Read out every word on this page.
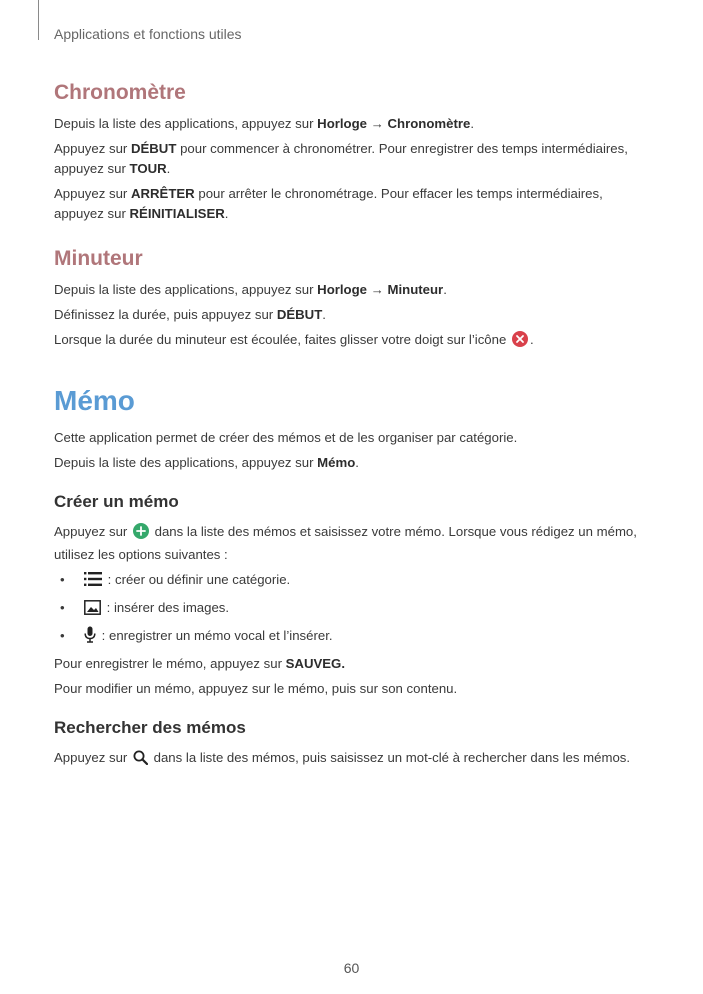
Applications et fonctions utiles
Chronomètre

Depuis la liste des applications, appuyez sur Horloge → Chronomètre.

Appuyez sur DÉBUT pour commencer à chronométrer. Pour enregistrer des temps intermédiaires, appuyez sur TOUR.

Appuyez sur ARRÊTER pour arrêter le chronométrage. Pour effacer les temps intermédiaires, appuyez sur RÉINITIALISER.

Minuteur

Depuis la liste des applications, appuyez sur Horloge → Minuteur.

Définissez la durée, puis appuyez sur DÉBUT.

Lorsque la durée du minuteur est écoulée, faites glisser votre doigt sur l’icône .

Mémo

Cette application permet de créer des mémos et de les organiser par catégorie.

Depuis la liste des applications, appuyez sur Mémo.

Créer un mémo

Appuyez sur  dans la liste des mémos et saisissez votre mémo. Lorsque vous rédigez un mémo, utilisez les options suivantes :

•	: créer ou définir une catégorie.
•	: insérer des images.
•	: enregistrer un mémo vocal et l’insérer.

Pour enregistrer le mémo, appuyez sur SAUVEG.

Pour modifier un mémo, appuyez sur le mémo, puis sur son contenu.

Rechercher des mémos

Appuyez sur  dans la liste des mémos, puis saisissez un mot-clé à rechercher dans les mémos.

60
